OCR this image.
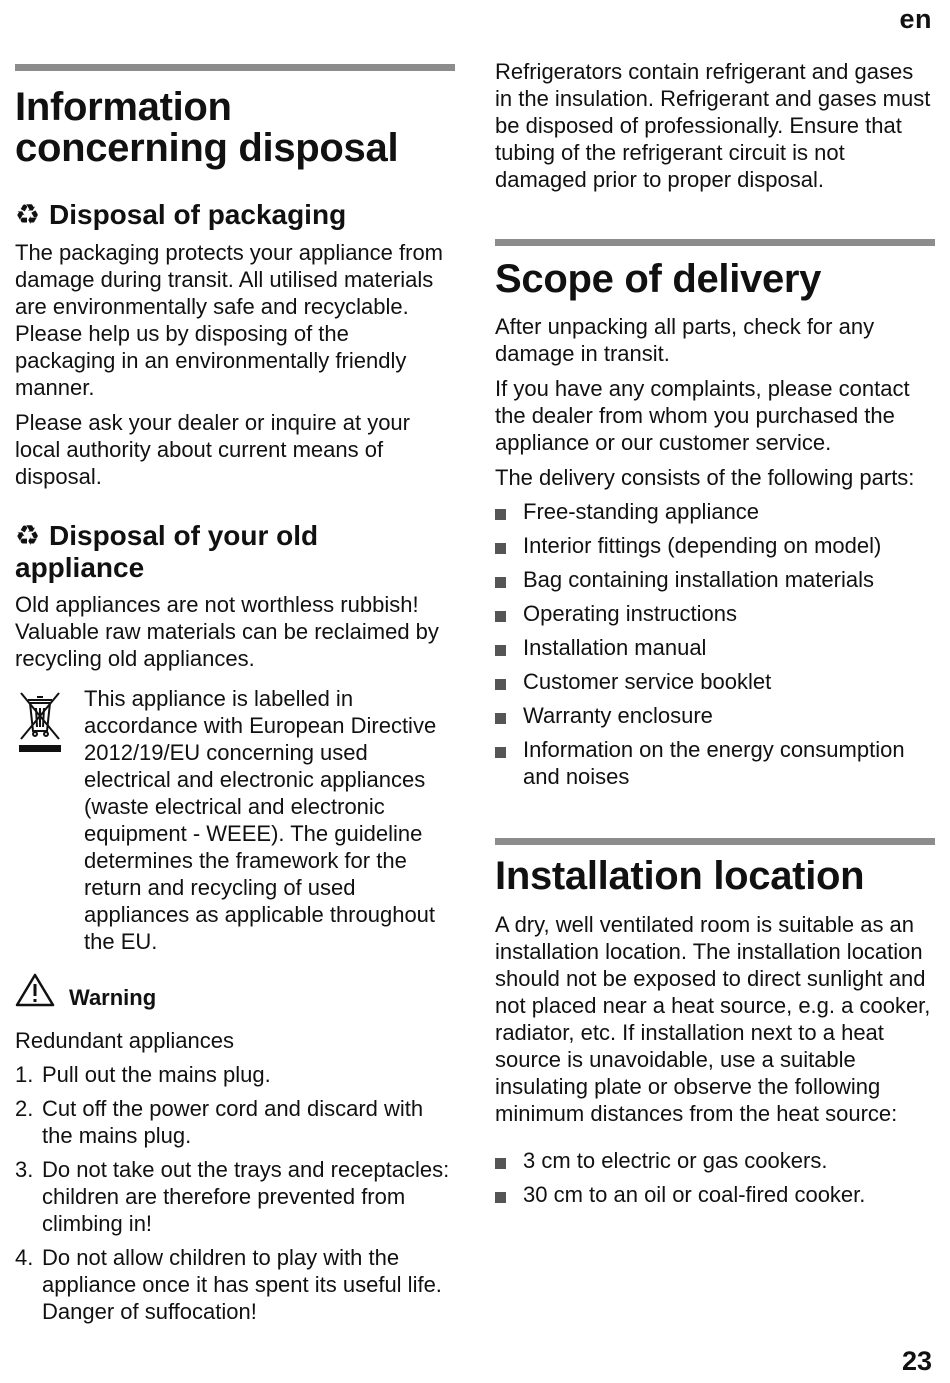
en
Information concerning disposal
♻ Disposal of packaging

The packaging protects your appliance from damage during transit. All utilised materials are environmentally safe and recyclable. Please help us by disposing of the packaging in an environmentally friendly manner.

Please ask your dealer or inquire at your local authority about current means of disposal.

♻ Disposal of your old appliance

Old appliances are not worthless rubbish! Valuable raw materials can be reclaimed by recycling old appliances.

This appliance is labelled in accordance with European Directive 2012/19/EU concerning used electrical and electronic appliances (waste electrical and electronic equipment - WEEE). The guideline determines the framework for the return and recycling of used appliances as applicable throughout the EU.

Warning

Redundant appliances

1. Pull out the mains plug.
2. Cut off the power cord and discard with the mains plug.
3. Do not take out the trays and receptacles: children are therefore prevented from climbing in!
4. Do not allow children to play with the appliance once it has spent its useful life. Danger of suffocation!

Refrigerators contain refrigerant and gases in the insulation. Refrigerant and gases must be disposed of professionally. Ensure that tubing of the refrigerant circuit is not damaged prior to proper disposal.

Scope of delivery

After unpacking all parts, check for any damage in transit.

If you have any complaints, please contact the dealer from whom you purchased the appliance or our customer service.

The delivery consists of the following parts:

Free-standing appliance
Interior fittings (depending on model)
Bag containing installation materials
Operating instructions
Installation manual
Customer service booklet
Warranty enclosure
Information on the energy consumption and noises
Installation location

A dry, well ventilated room is suitable as an installation location. The installation location should not be exposed to direct sunlight and not placed near a heat source, e.g. a cooker, radiator, etc. If installation next to a heat source is unavoidable, use a suitable insulating plate or observe the following minimum distances from the heat source:

3 cm to electric or gas cookers.
30 cm to an oil or coal-fired cooker.
23
